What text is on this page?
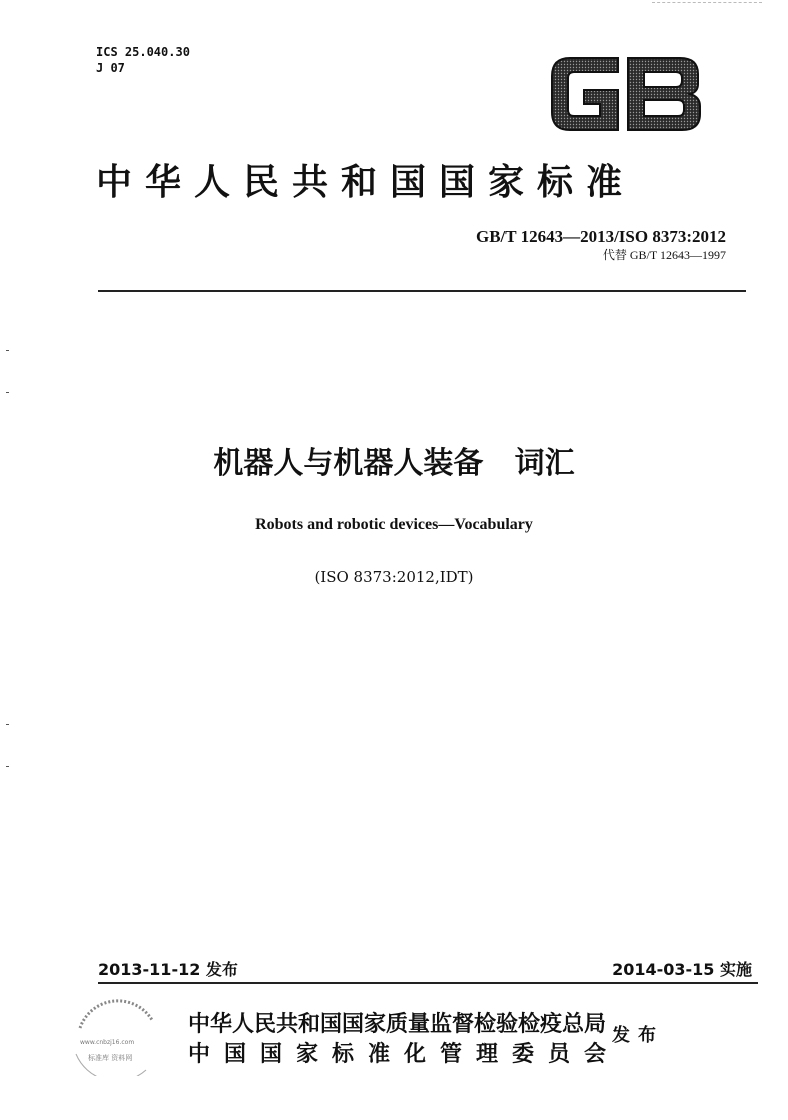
ICS 25.040.30
J 07
GB
中华人民共和国国家标准
GB/T 12643—2013/ISO 8373:2012
代替 GB/T 12643—1997
机器人与机器人装备   词汇
Robots and robotic devices—Vocabulary
(ISO 8373:2012,IDT)
2013-11-12 发布	2014-03-15 实施
www.cnbzj16.com
标准库 资料网
中华人民共和国国家质量监督检验检疫总局
中国国家标准化管理委员会
发布
